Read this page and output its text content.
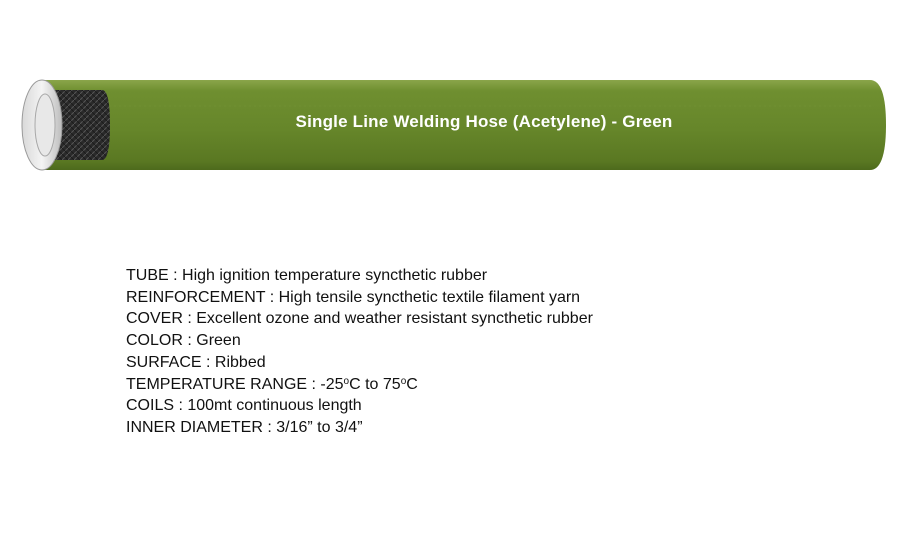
Single Line Welding Hose (Acetylene) - Green
TUBE : High ignition temperature syncthetic rubber
REINFORCEMENT : High tensile syncthetic textile filament yarn
COVER : Excellent ozone and weather resistant syncthetic rubber
COLOR : Green
SURFACE : Ribbed
TEMPERATURE RANGE : -25$^o$C to 75$^o$C
COILS : 100mt continuous length
INNER DIAMETER : 3/16” to 3/4”
